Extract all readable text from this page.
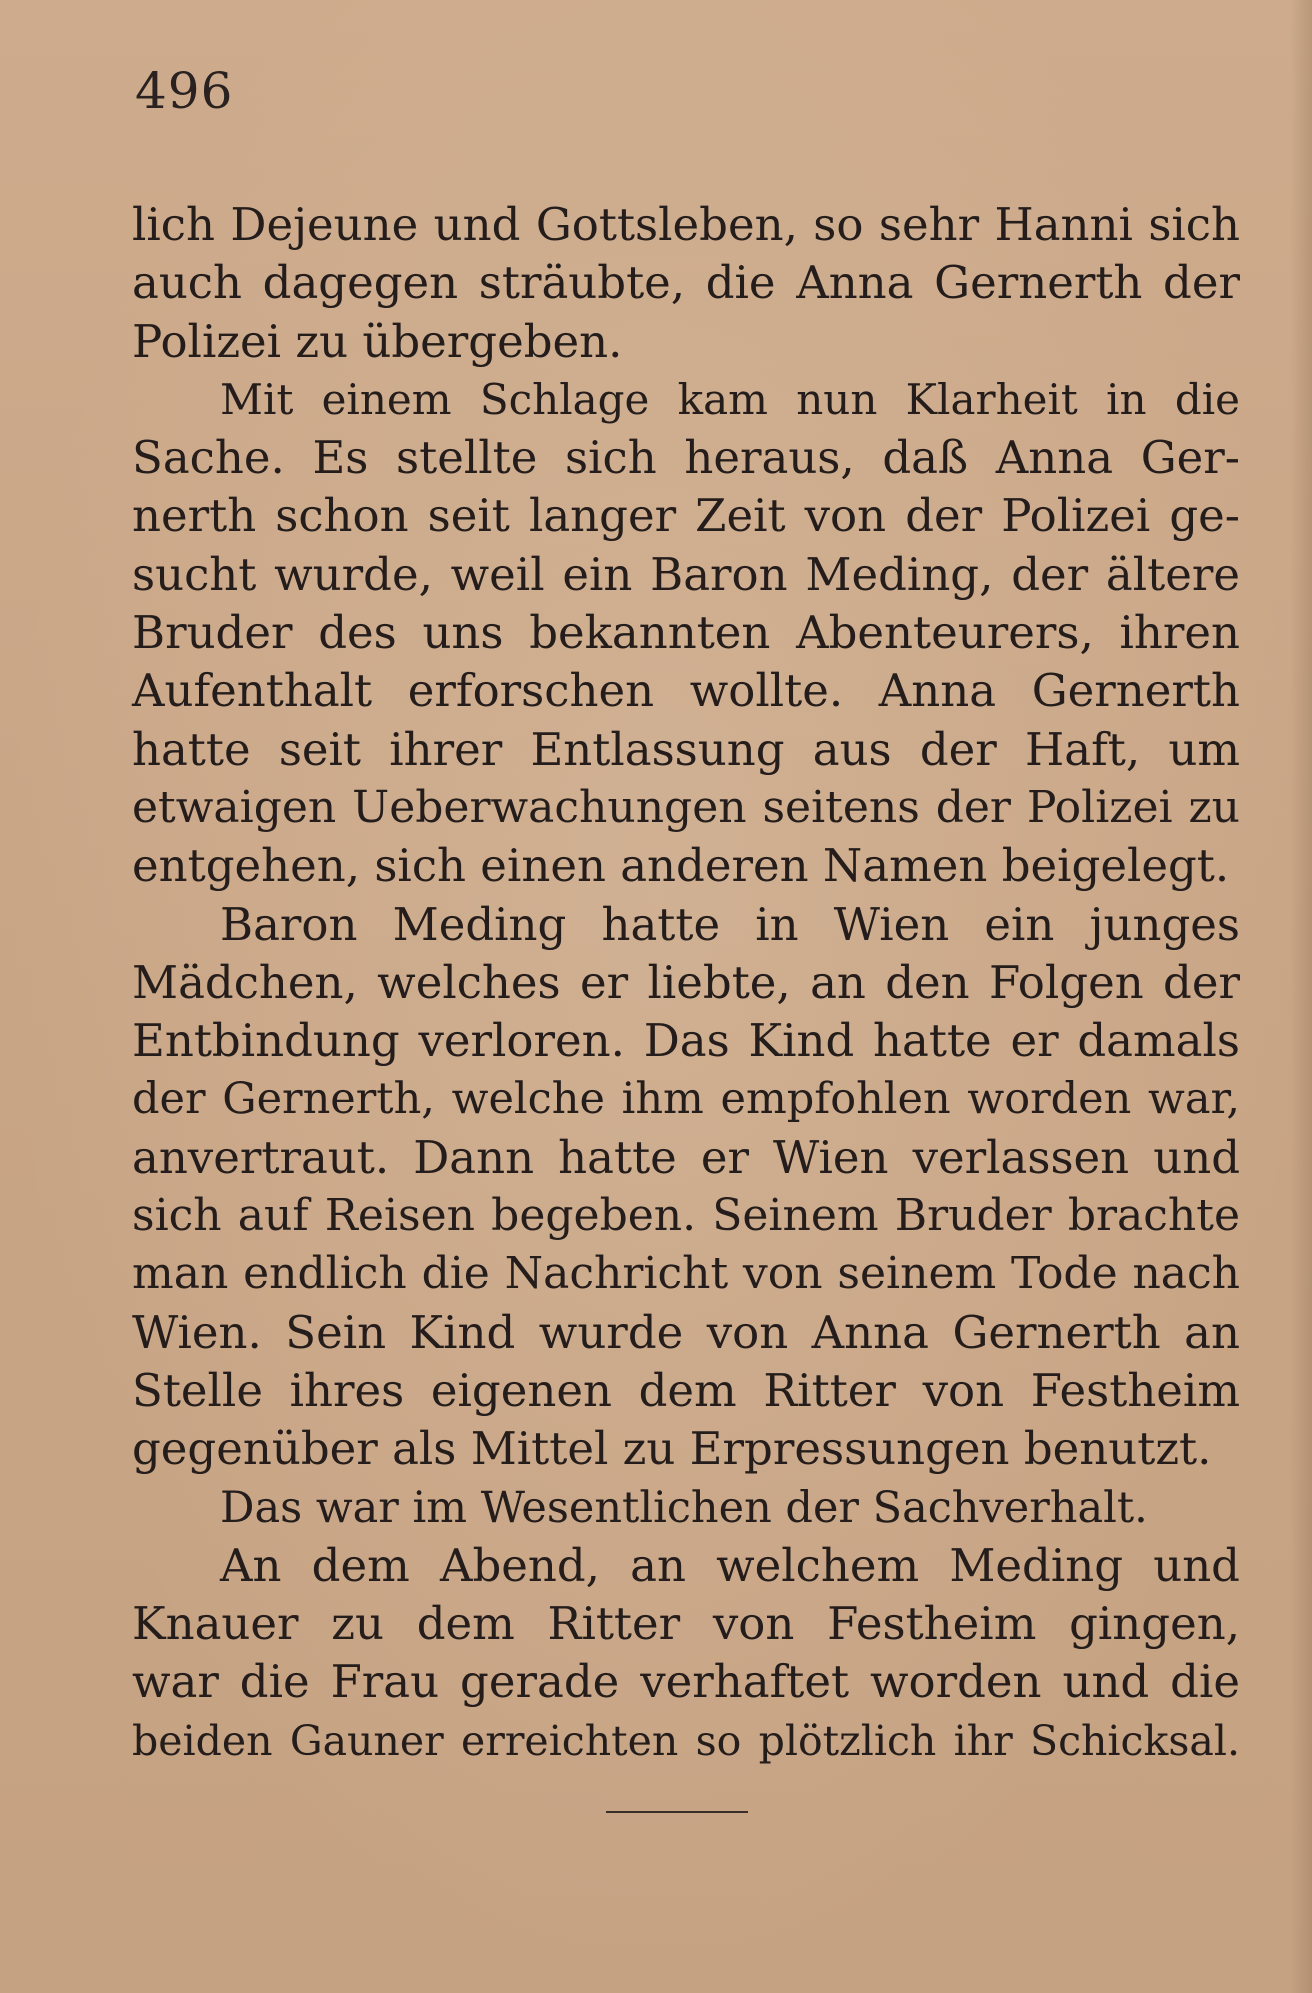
496
lich Dejeune und Gottsleben, so sehr Hanni sich
auch dagegen sträubte, die Anna Gernerth der
Polizei zu übergeben.
Mit einem Schlage kam nun Klarheit in die
Sache. Es stellte sich heraus, daß Anna Ger-
nerth schon seit langer Zeit von der Polizei ge-
sucht wurde, weil ein Baron Meding, der ältere
Bruder des uns bekannten Abenteurers, ihren
Aufenthalt erforschen wollte. Anna Gernerth
hatte seit ihrer Entlassung aus der Haft, um
etwaigen Ueberwachungen seitens der Polizei zu
entgehen, sich einen anderen Namen beigelegt.
Baron Meding hatte in Wien ein junges
Mädchen, welches er liebte, an den Folgen der
Entbindung verloren. Das Kind hatte er damals
der Gernerth, welche ihm empfohlen worden war,
anvertraut. Dann hatte er Wien verlassen und
sich auf Reisen begeben. Seinem Bruder brachte
man endlich die Nachricht von seinem Tode nach
Wien. Sein Kind wurde von Anna Gernerth an
Stelle ihres eigenen dem Ritter von Festheim
gegenüber als Mittel zu Erpressungen benutzt.
Das war im Wesentlichen der Sachverhalt.
An dem Abend, an welchem Meding und
Knauer zu dem Ritter von Festheim gingen,
war die Frau gerade verhaftet worden und die
beiden Gauner erreichten so plötzlich ihr Schicksal.
